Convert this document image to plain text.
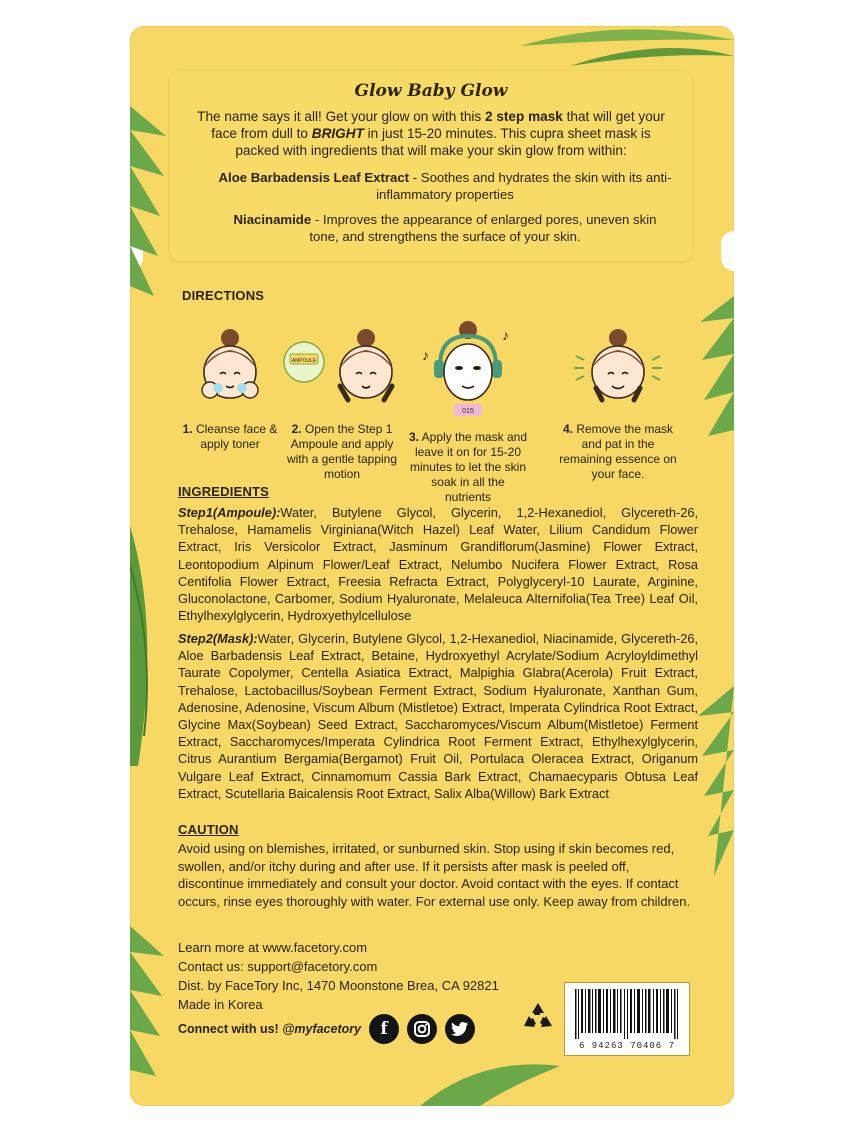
Glow Baby Glow

The name says it all! Get your glow on with this 2 step mask that will get your face from dull to BRIGHT in just 15-20 minutes. This cupra sheet mask is packed with ingredients that will make your skin glow from within:

Aloe Barbadensis Leaf Extract - Soothes and hydrates the skin with its anti-inflammatory properties

Niacinamide - Improves the appearance of enlarged pores, uneven skin tone, and strengthens the surface of your skin.

DIRECTIONS
1. Cleanse face & apply toner
AMPOULE
2. Open the Step 1 Ampoule and apply with a gentle tapping motion
♪
♪
015
3. Apply the mask and leave it on for 15-20 minutes to let the skin soak in all the nutrients
4. Remove the mask and pat in the remaining essence on your face.
INGREDIENTS
Step1(Ampoule):Water, Butylene Glycol, Glycerin, 1,2-Hexanediol, Glycereth-26, Trehalose, Hamamelis Virginiana(Witch Hazel) Leaf Water, Lilium Candidum Flower Extract, Iris Versicolor Extract, Jasminum Grandiflorum(Jasmine) Flower Extract, Leontopodium Alpinum Flower/Leaf Extract, Nelumbo Nucifera Flower Extract, Rosa Centifolia Flower Extract, Freesia Refracta Extract, Polyglyceryl-10 Laurate, Arginine, Gluconolactone, Carbomer, Sodium Hyaluronate, Melaleuca Alternifolia(Tea Tree) Leaf Oil, Ethylhexylglycerin, Hydroxyethylcellulose
Step2(Mask):Water, Glycerin, Butylene Glycol, 1,2-Hexanediol, Niacinamide, Glycereth-26, Aloe Barbadensis Leaf Extract, Betaine, Hydroxyethyl Acrylate/Sodium Acryloyldimethyl Taurate Copolymer, Centella Asiatica Extract, Malpighia Glabra(Acerola) Fruit Extract, Trehalose, Lactobacillus/Soybean Ferment Extract, Sodium Hyaluronate, Xanthan Gum, Adenosine, Adenosine, Viscum Album (Mistletoe) Extract, Imperata Cylindrica Root Extract, Glycine Max(Soybean) Seed Extract, Saccharomyces/Viscum Album(Mistletoe) Ferment Extract, Saccharomyces/Imperata Cylindrica Root Ferment Extract, Ethylhexylglycerin, Citrus Aurantium Bergamia(Bergamot) Fruit Oil, Portulaca Oleracea Extract, Origanum Vulgare Leaf Extract, Cinnamomum Cassia Bark Extract, Chamaecyparis Obtusa Leaf Extract, Scutellaria Baicalensis Root Extract, Salix Alba(Willow) Bark Extract
CAUTION
Avoid using on blemishes, irritated, or sunburned skin. Stop using if skin becomes red, swollen, and/or itchy during and after use. If it persists after mask is peeled off, discontinue immediately and consult your doctor. Avoid contact with the eyes. If contact occurs, rinse eyes thoroughly with water. For external use only. Keep away from children.
Learn more at www.facetory.com
Contact us: support@facetory.com
Dist. by FaceTory Inc, 1470 Moonstone Brea, CA 92821
Made in Korea
Connect with us! @myfacetory	f
6 94263 70406 7
